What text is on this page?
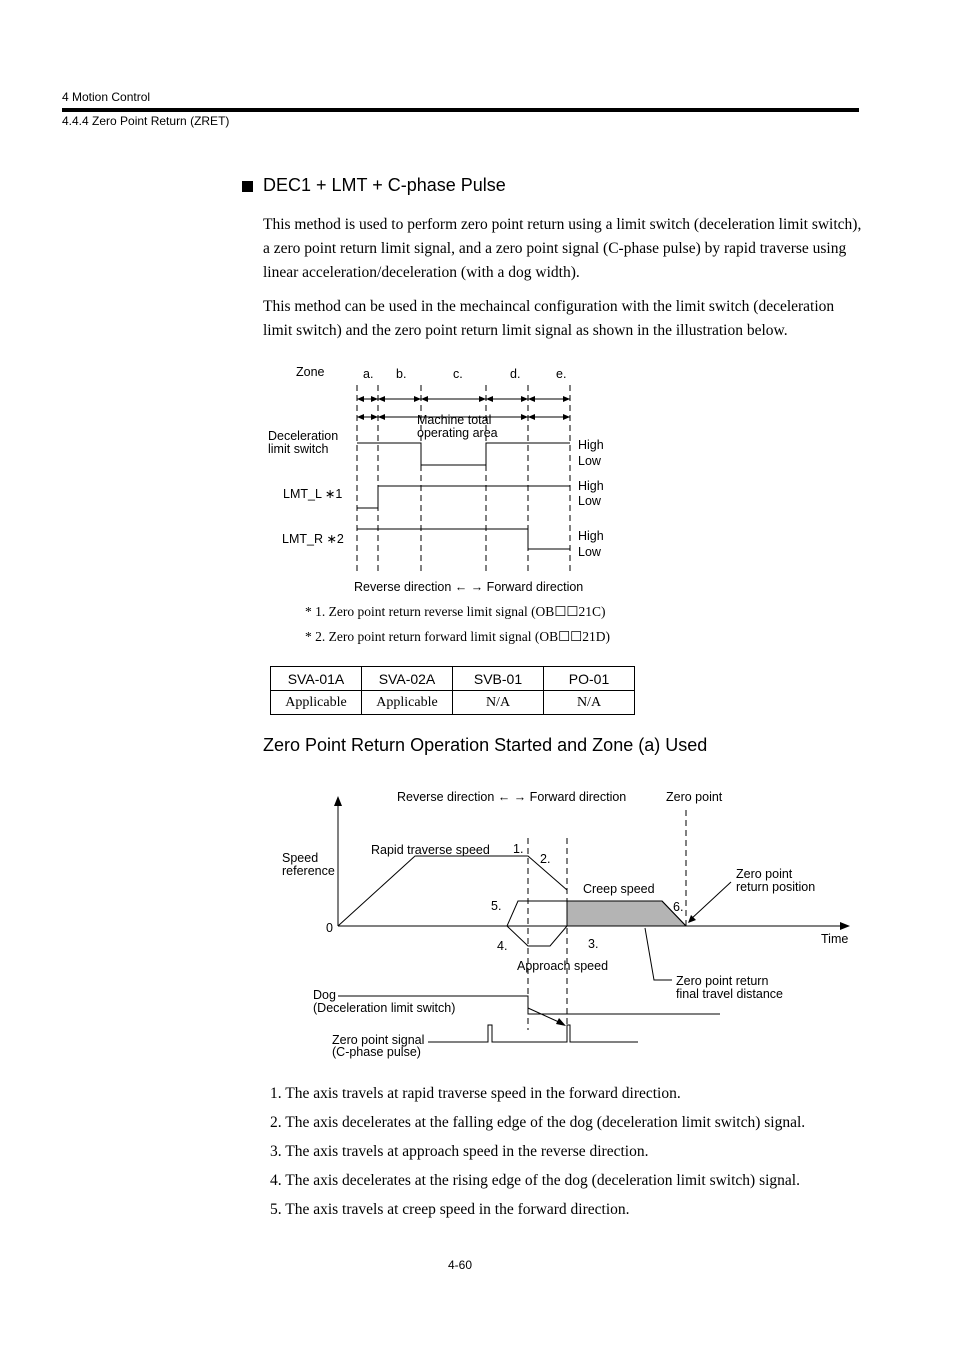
4 Motion Control
4.4.4 Zero Point Return (ZRET)
DEC1 + LMT + C-phase Pulse

This method is used to perform zero point return using a limit switch (deceleration limit switch), a zero point return limit signal, and a zero point signal (C-phase pulse) by rapid traverse using linear acceleration/deceleration (with a dog width).

This method can be used in the mechaincal configuration with the limit switch (deceleration limit switch) and the zero point return limit signal as shown in the illustration below.

Zone	a. b.	c.	d.	e.
Machine total
operating area
Deceleration
limit switch
LMT_L ∗1
LMT_R ∗2
High
Low
High
Low
High
Low
Reverse direction ← → Forward direction
* 1. Zero point return reverse limit signal (OB☐☐21C)
* 2. Zero point return forward limit signal (OB☐☐21D)
SVA-01A	SVA-02A	SVB-01	PO-01
Applicable	Applicable	N/A	N/A
Zero Point Return Operation Started and Zone (a) Used
Reverse direction ← → Forward direction	Zero point
Speed
reference
Rapid traverse speed 1.
2.
Creep speed
Zero point
return position
5.	6.
0
Time
4.	3.
Approach speed
Zero point return
final travel distance
Dog
(Deceleration limit switch)
Zero point signal
(C-phase pulse)
1. The axis travels at rapid traverse speed in the forward direction.
2. The axis decelerates at the falling edge of the dog (deceleration limit switch) signal.
3. The axis travels at approach speed in the reverse direction.
4. The axis decelerates at the rising edge of the dog (deceleration limit switch) signal.
5. The axis travels at creep speed in the forward direction.
4-60
